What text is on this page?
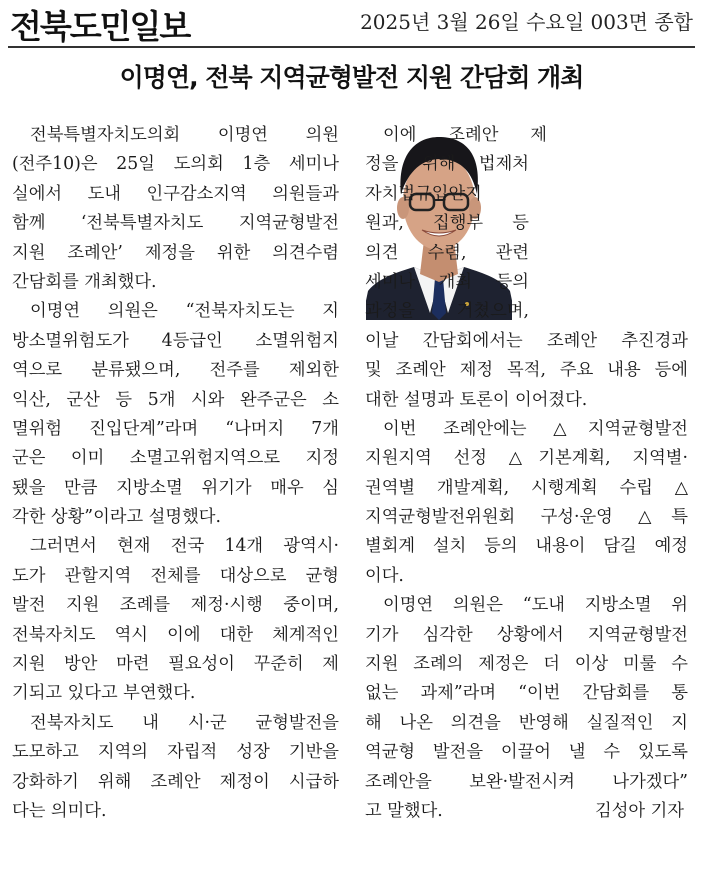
전북도민일보	2025년 3월 26일 수요일 003면 종합
이명연, 전북 지역균형발전 지원 간담회 개최
전북특별자치도의회 이명연 의원
(전주10)은 25일 도의회 1층 세미나
실에서 도내 인구감소지역 의원들과
함께 ‘전북특별자치도 지역균형발전
지원 조례안’ 제정을 위한 의견수렴
간담회를 개최했다.
이명연 의원은 “전북자치도는 지
방소멸위험도가 4등급인 소멸위험지
역으로 분류됐으며, 전주를 제외한
익산, 군산 등 5개 시와 완주군은 소
멸위험 진입단계”라며 “나머지 7개
군은 이미 소멸고위험지역으로 지정
됐을 만큼 지방소멸 위기가 매우 심
각한 상황”이라고 설명했다.
그러면서 현재 전국 14개 광역시·
도가 관할지역 전체를 대상으로 균형
발전 지원 조례를 제정·시행 중이며,
전북자치도 역시 이에 대한 체계적인
지원 방안 마련 필요성이 꾸준히 제
기되고 있다고 부연했다.
전북자치도 내 시·군 균형발전을
도모하고 지역의 자립적 성장 기반을
강화하기 위해 조례안 제정이 시급하
다는 의미다.
이에 조례안 제
정을 위해 법제처
자치법규입안지
원과, 집행부 등
의견 수렴, 관련
세미나 개최 등의
과정을 거쳤으며,
이날 간담회에서는 조례안 추진경과
및 조례안 제정 목적, 주요 내용 등에
대한 설명과 토론이 이어졌다.
이번 조례안에는 △지역균형발전
지원지역 선정 △기본계획, 지역별·
권역별 개발계획, 시행계획 수립 △
지역균형발전위원회 구성·운영 △특
별회계 설치 등의 내용이 담길 예정
이다.
이명연 의원은 “도내 지방소멸 위
기가 심각한 상황에서 지역균형발전
지원 조례의 제정은 더 이상 미룰 수
없는 과제”라며 “이번 간담회를 통
해 나온 의견을 반영해 실질적인 지
역균형 발전을 이끌어 낼 수 있도록
조례안을 보완·발전시켜 나가겠다”
고 말했다.	김성아 기자
